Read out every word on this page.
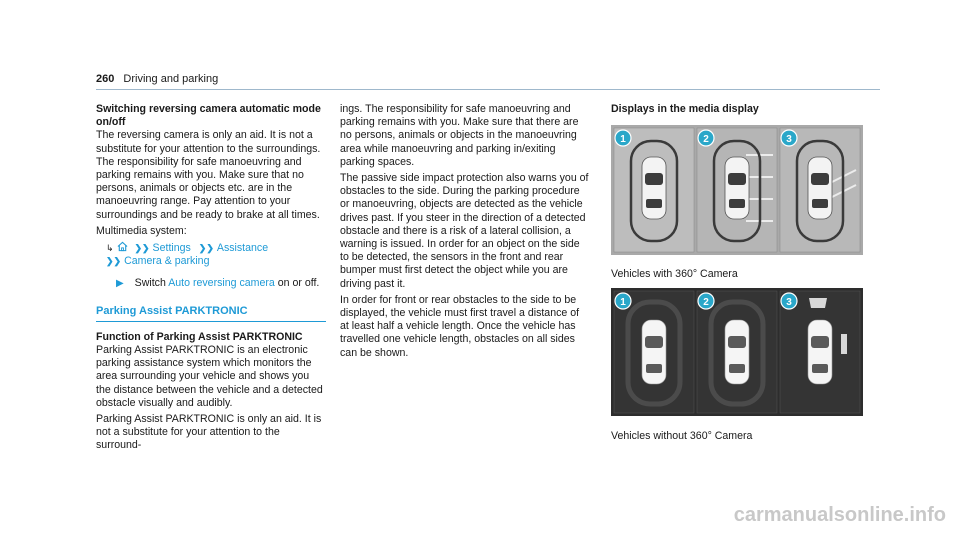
260 Driving and parking
Switching reversing camera automatic mode
on/off

The reversing camera is only an aid. It is not a substitute for your attention to the surroundings. The responsibility for safe manoeuvring and parking remains with you. Make sure that no persons, animals or objects etc. are in the manoeuvring range. Pay attention to your surroundings and be ready to brake at all times.

Multimedia system:

↳ ❯❯ Settings ❯❯ Assistance
❯❯ Camera & parking
▶ Switch Auto reversing camera on or off.
Parking Assist PARKTRONIC
Function of Parking Assist PARKTRONIC

Parking Assist PARKTRONIC is an electronic parking assistance system which monitors the area surrounding your vehicle and shows you the distance between the vehicle and a detected obstacle visually and audibly.

Parking Assist PARKTRONIC is only an aid. It is not a substitute for your attention to the surround-

ings. The responsibility for safe manoeuvring and parking remains with you. Make sure that there are no persons, animals or objects in the manoeuvring area while manoeuvring and parking in/exiting parking spaces.

The passive side impact protection also warns you of obstacles to the side. During the parking procedure or manoeuvring, objects are detected as the vehicle drives past. If you steer in the direction of a detected obstacle and there is a risk of a lateral collision, a warning is issued. In order for an object on the side to be detected, the sensors in the front and rear bumper must first detect the object while you are driving past it.

In order for front or rear obstacles to the side to be displayed, the vehicle must first travel a distance of at least half a vehicle length. Once the vehicle has travelled one vehicle length, obstacles on all sides can be shown.

Displays in the media display
1	2	3
Vehicles with 360° Camera
1	2	3
Vehicles without 360° Camera
carmanualsonline.info
